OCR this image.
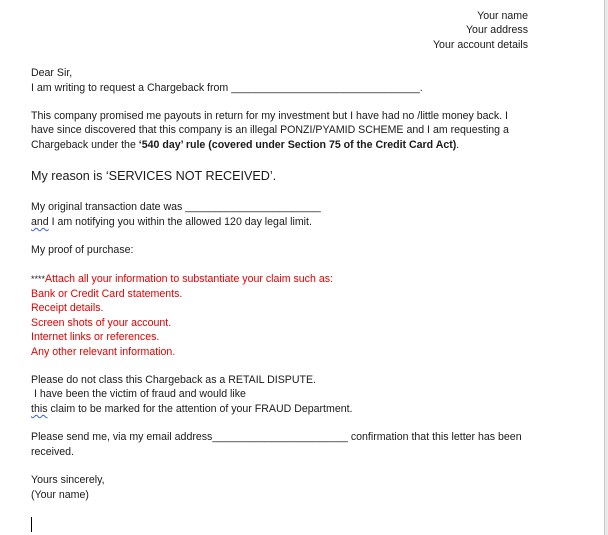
Your name
Your address
Your account details
Dear Sir,
I am writing to request a Chargeback from ________________________________.
This company promised me payouts in return for my investment but I have had no /little money back. I
have since discovered that this company is an illegal PONZI/PYAMID SCHEME and I am requesting a
Chargeback under the ‘540 day’ rule (covered under Section 75 of the Credit Card Act).
My reason is ‘SERVICES NOT RECEIVED’.
My original transaction date was _______________________
and I am notifying you within the allowed 120 day legal limit.
My proof of purchase:
****Attach all your information to substantiate your claim such as:
Bank or Credit Card statements.
Receipt details.
Screen shots of your account.
Internet links or references.
Any other relevant information.
Please do not class this Chargeback as a RETAIL DISPUTE.
I have been the victim of fraud and would like
this claim to be marked for the attention of your FRAUD Department.
Please send me, via my email address_______________________ confirmation that this letter has been
received.
Yours sincerely,
(Your name)
